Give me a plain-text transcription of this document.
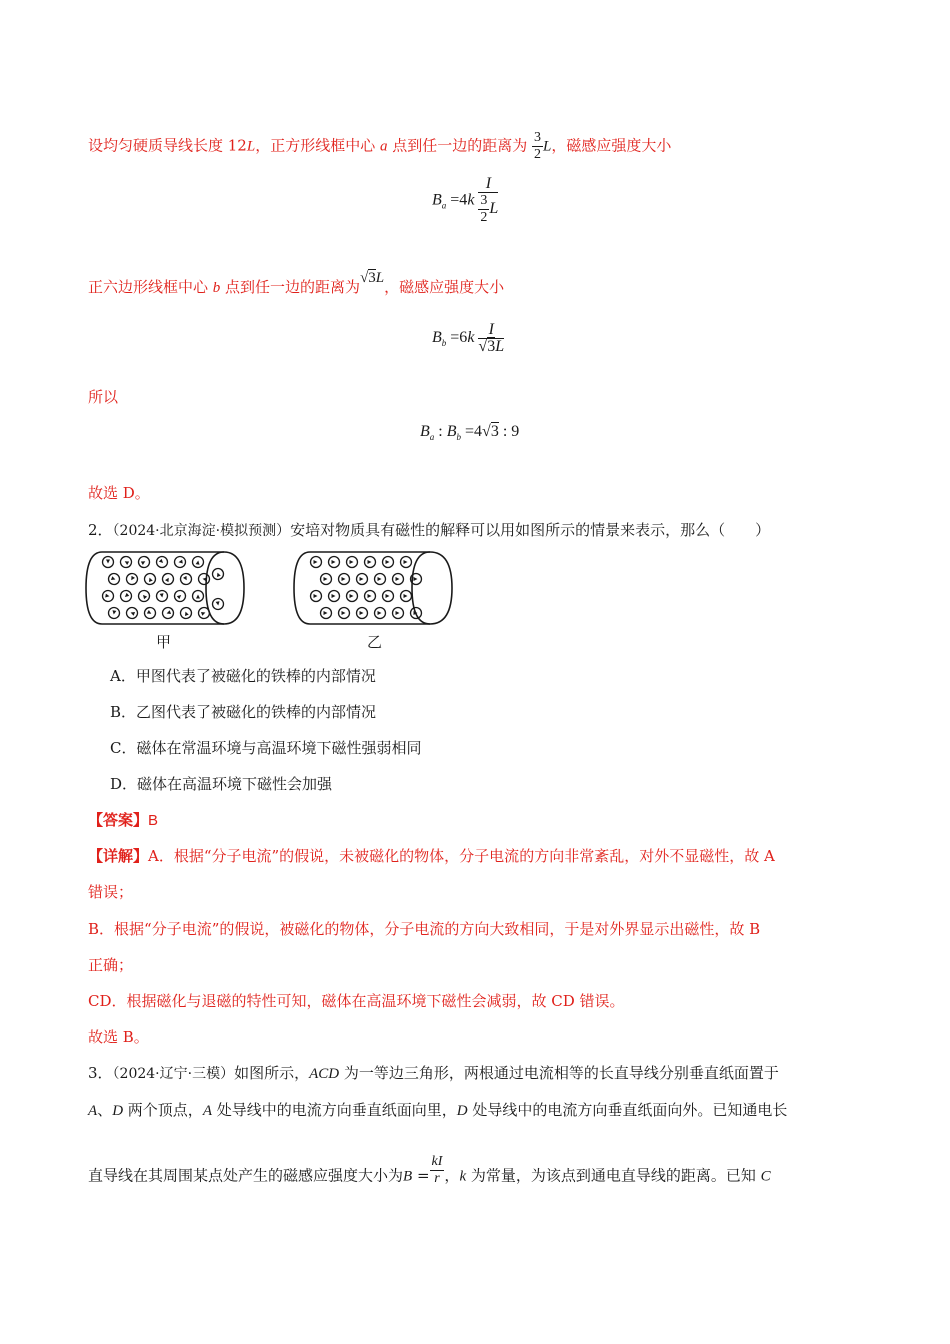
设均匀硬质导线长度 12L，正方形线框中心 a 点到任一边的距离为 $\frac{3}{2}$ L，磁感应强度大小
$B_a =4k \frac{I}{\frac{3}{2} L}$
正六边形线框中心 b 点到任一边的距离为√3L，磁感应强度大小
$B_b =6k \frac{I}{√3L}$
所以
$B_a$ : $B_b =4√3$ : 9
故选 D。
2．（2024·北京海淀·模拟预测）安培对物质具有磁性的解释可以用如图所示的情景来表示，那么（　　）
甲	乙
A．甲图代表了被磁化的铁棒的内部情况
B．乙图代表了被磁化的铁棒的内部情况
C．磁体在常温环境与高温环境下磁性强弱相同
D．磁体在高温环境下磁性会加强
【答案】B
【详解】A．根据“分子电流”的假说，未被磁化的物体，分子电流的方向非常紊乱，对外不显磁性，故 A
错误；
B．根据“分子电流”的假说，被磁化的物体，分子电流的方向大致相同，于是对外界显示出磁性，故 B
正确；
CD．根据磁化与退磁的特性可知，磁体在高温环境下磁性会减弱，故 CD 错误。
故选 B。
3．（2024·辽宁·三模）如图所示，ACD 为一等边三角形，两根通过电流相等的长直导线分别垂直纸面置于
A、D 两个顶点，A 处导线中的电流方向垂直纸面向里，D 处导线中的电流方向垂直纸面向外。已知通电长
直导线在其周围某点处产生的磁感应强度大小为$B = \frac{kI}{r}$ ，k 为常量，为该点到通电直导线的距离。已知 C
